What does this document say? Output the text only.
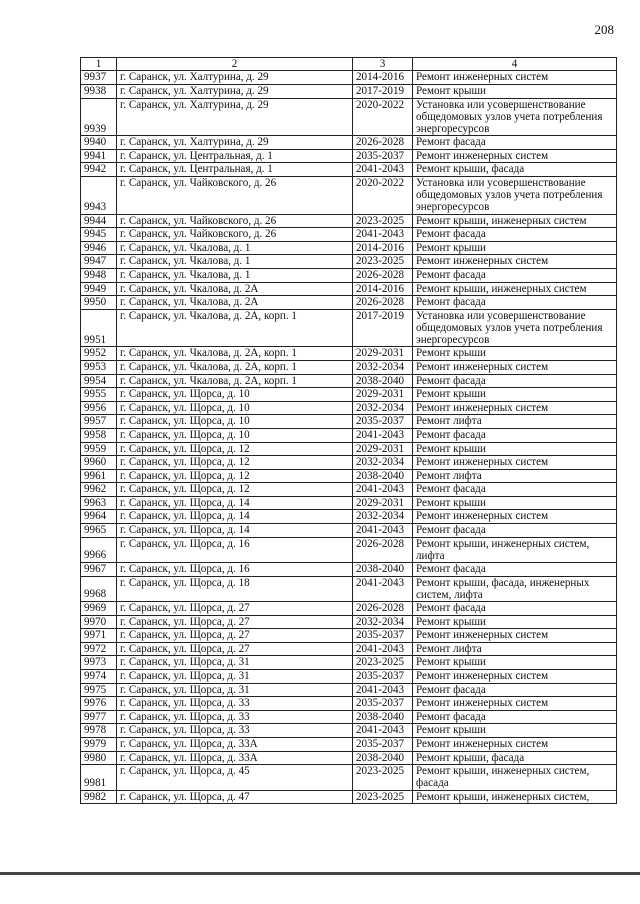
208
1	2	3	4
9937	г. Саранск, ул. Халтурина, д. 29	2014-2016	Ремонт инженерных систем
9938	г. Саранск, ул. Халтурина, д. 29	2017-2019	Ремонт крыши
9939	г. Саранск, ул. Халтурина, д. 29	2020-2022	Установка или усовершенствование общедомовых узлов учета потребления энергоресурсов
9940	г. Саранск, ул. Халтурина, д. 29	2026-2028	Ремонт фасада
9941	г. Саранск, ул. Центральная, д. 1	2035-2037	Ремонт инженерных систем
9942	г. Саранск, ул. Центральная, д. 1	2041-2043	Ремонт крыши, фасада
9943	г. Саранск, ул. Чайковского, д. 26	2020-2022	Установка или усовершенствование общедомовых узлов учета потребления энергоресурсов
9944	г. Саранск, ул. Чайковского, д. 26	2023-2025	Ремонт крыши, инженерных систем
9945	г. Саранск, ул. Чайковского, д. 26	2041-2043	Ремонт фасада
9946	г. Саранск, ул. Чкалова, д. 1	2014-2016	Ремонт крыши
9947	г. Саранск, ул. Чкалова, д. 1	2023-2025	Ремонт инженерных систем
9948	г. Саранск, ул. Чкалова, д. 1	2026-2028	Ремонт фасада
9949	г. Саранск, ул. Чкалова, д. 2А	2014-2016	Ремонт крыши, инженерных систем
9950	г. Саранск, ул. Чкалова, д. 2А	2026-2028	Ремонт фасада
9951	г. Саранск, ул. Чкалова, д. 2А, корп. 1	2017-2019	Установка или усовершенствование общедомовых узлов учета потребления энергоресурсов
9952	г. Саранск, ул. Чкалова, д. 2А, корп. 1	2029-2031	Ремонт крыши
9953	г. Саранск, ул. Чкалова, д. 2А, корп. 1	2032-2034	Ремонт инженерных систем
9954	г. Саранск, ул. Чкалова, д. 2А, корп. 1	2038-2040	Ремонт фасада
9955	г. Саранск, ул. Щорса, д. 10	2029-2031	Ремонт крыши
9956	г. Саранск, ул. Щорса, д. 10	2032-2034	Ремонт инженерных систем
9957	г. Саранск, ул. Щорса, д. 10	2035-2037	Ремонт лифта
9958	г. Саранск, ул. Щорса, д. 10	2041-2043	Ремонт фасада
9959	г. Саранск, ул. Щорса, д. 12	2029-2031	Ремонт крыши
9960	г. Саранск, ул. Щорса, д. 12	2032-2034	Ремонт инженерных систем
9961	г. Саранск, ул. Щорса, д. 12	2038-2040	Ремонт лифта
9962	г. Саранск, ул. Щорса, д. 12	2041-2043	Ремонт фасада
9963	г. Саранск, ул. Щорса, д. 14	2029-2031	Ремонт крыши
9964	г. Саранск, ул. Щорса, д. 14	2032-2034	Ремонт инженерных систем
9965	г. Саранск, ул. Щорса, д. 14	2041-2043	Ремонт фасада
9966	г. Саранск, ул. Щорса, д. 16	2026-2028	Ремонт крыши, инженерных систем, лифта
9967	г. Саранск, ул. Щорса, д. 16	2038-2040	Ремонт фасада
9968	г. Саранск, ул. Щорса, д. 18	2041-2043	Ремонт крыши, фасада, инженерных систем, лифта
9969	г. Саранск, ул. Щорса, д. 27	2026-2028	Ремонт фасада
9970	г. Саранск, ул. Щорса, д. 27	2032-2034	Ремонт крыши
9971	г. Саранск, ул. Щорса, д. 27	2035-2037	Ремонт инженерных систем
9972	г. Саранск, ул. Щорса, д. 27	2041-2043	Ремонт лифта
9973	г. Саранск, ул. Щорса, д. 31	2023-2025	Ремонт крыши
9974	г. Саранск, ул. Щорса, д. 31	2035-2037	Ремонт инженерных систем
9975	г. Саранск, ул. Щорса, д. 31	2041-2043	Ремонт фасада
9976	г. Саранск, ул. Щорса, д. 33	2035-2037	Ремонт инженерных систем
9977	г. Саранск, ул. Щорса, д. 33	2038-2040	Ремонт фасада
9978	г. Саранск, ул. Щорса, д. 33	2041-2043	Ремонт крыши
9979	г. Саранск, ул. Щорса, д. 33А	2035-2037	Ремонт инженерных систем
9980	г. Саранск, ул. Щорса, д. 33А	2038-2040	Ремонт крыши, фасада
9981	г. Саранск, ул. Щорса, д. 45	2023-2025	Ремонт крыши, инженерных систем, фасада
9982	г. Саранск, ул. Щорса, д. 47	2023-2025	Ремонт крыши, инженерных систем,
